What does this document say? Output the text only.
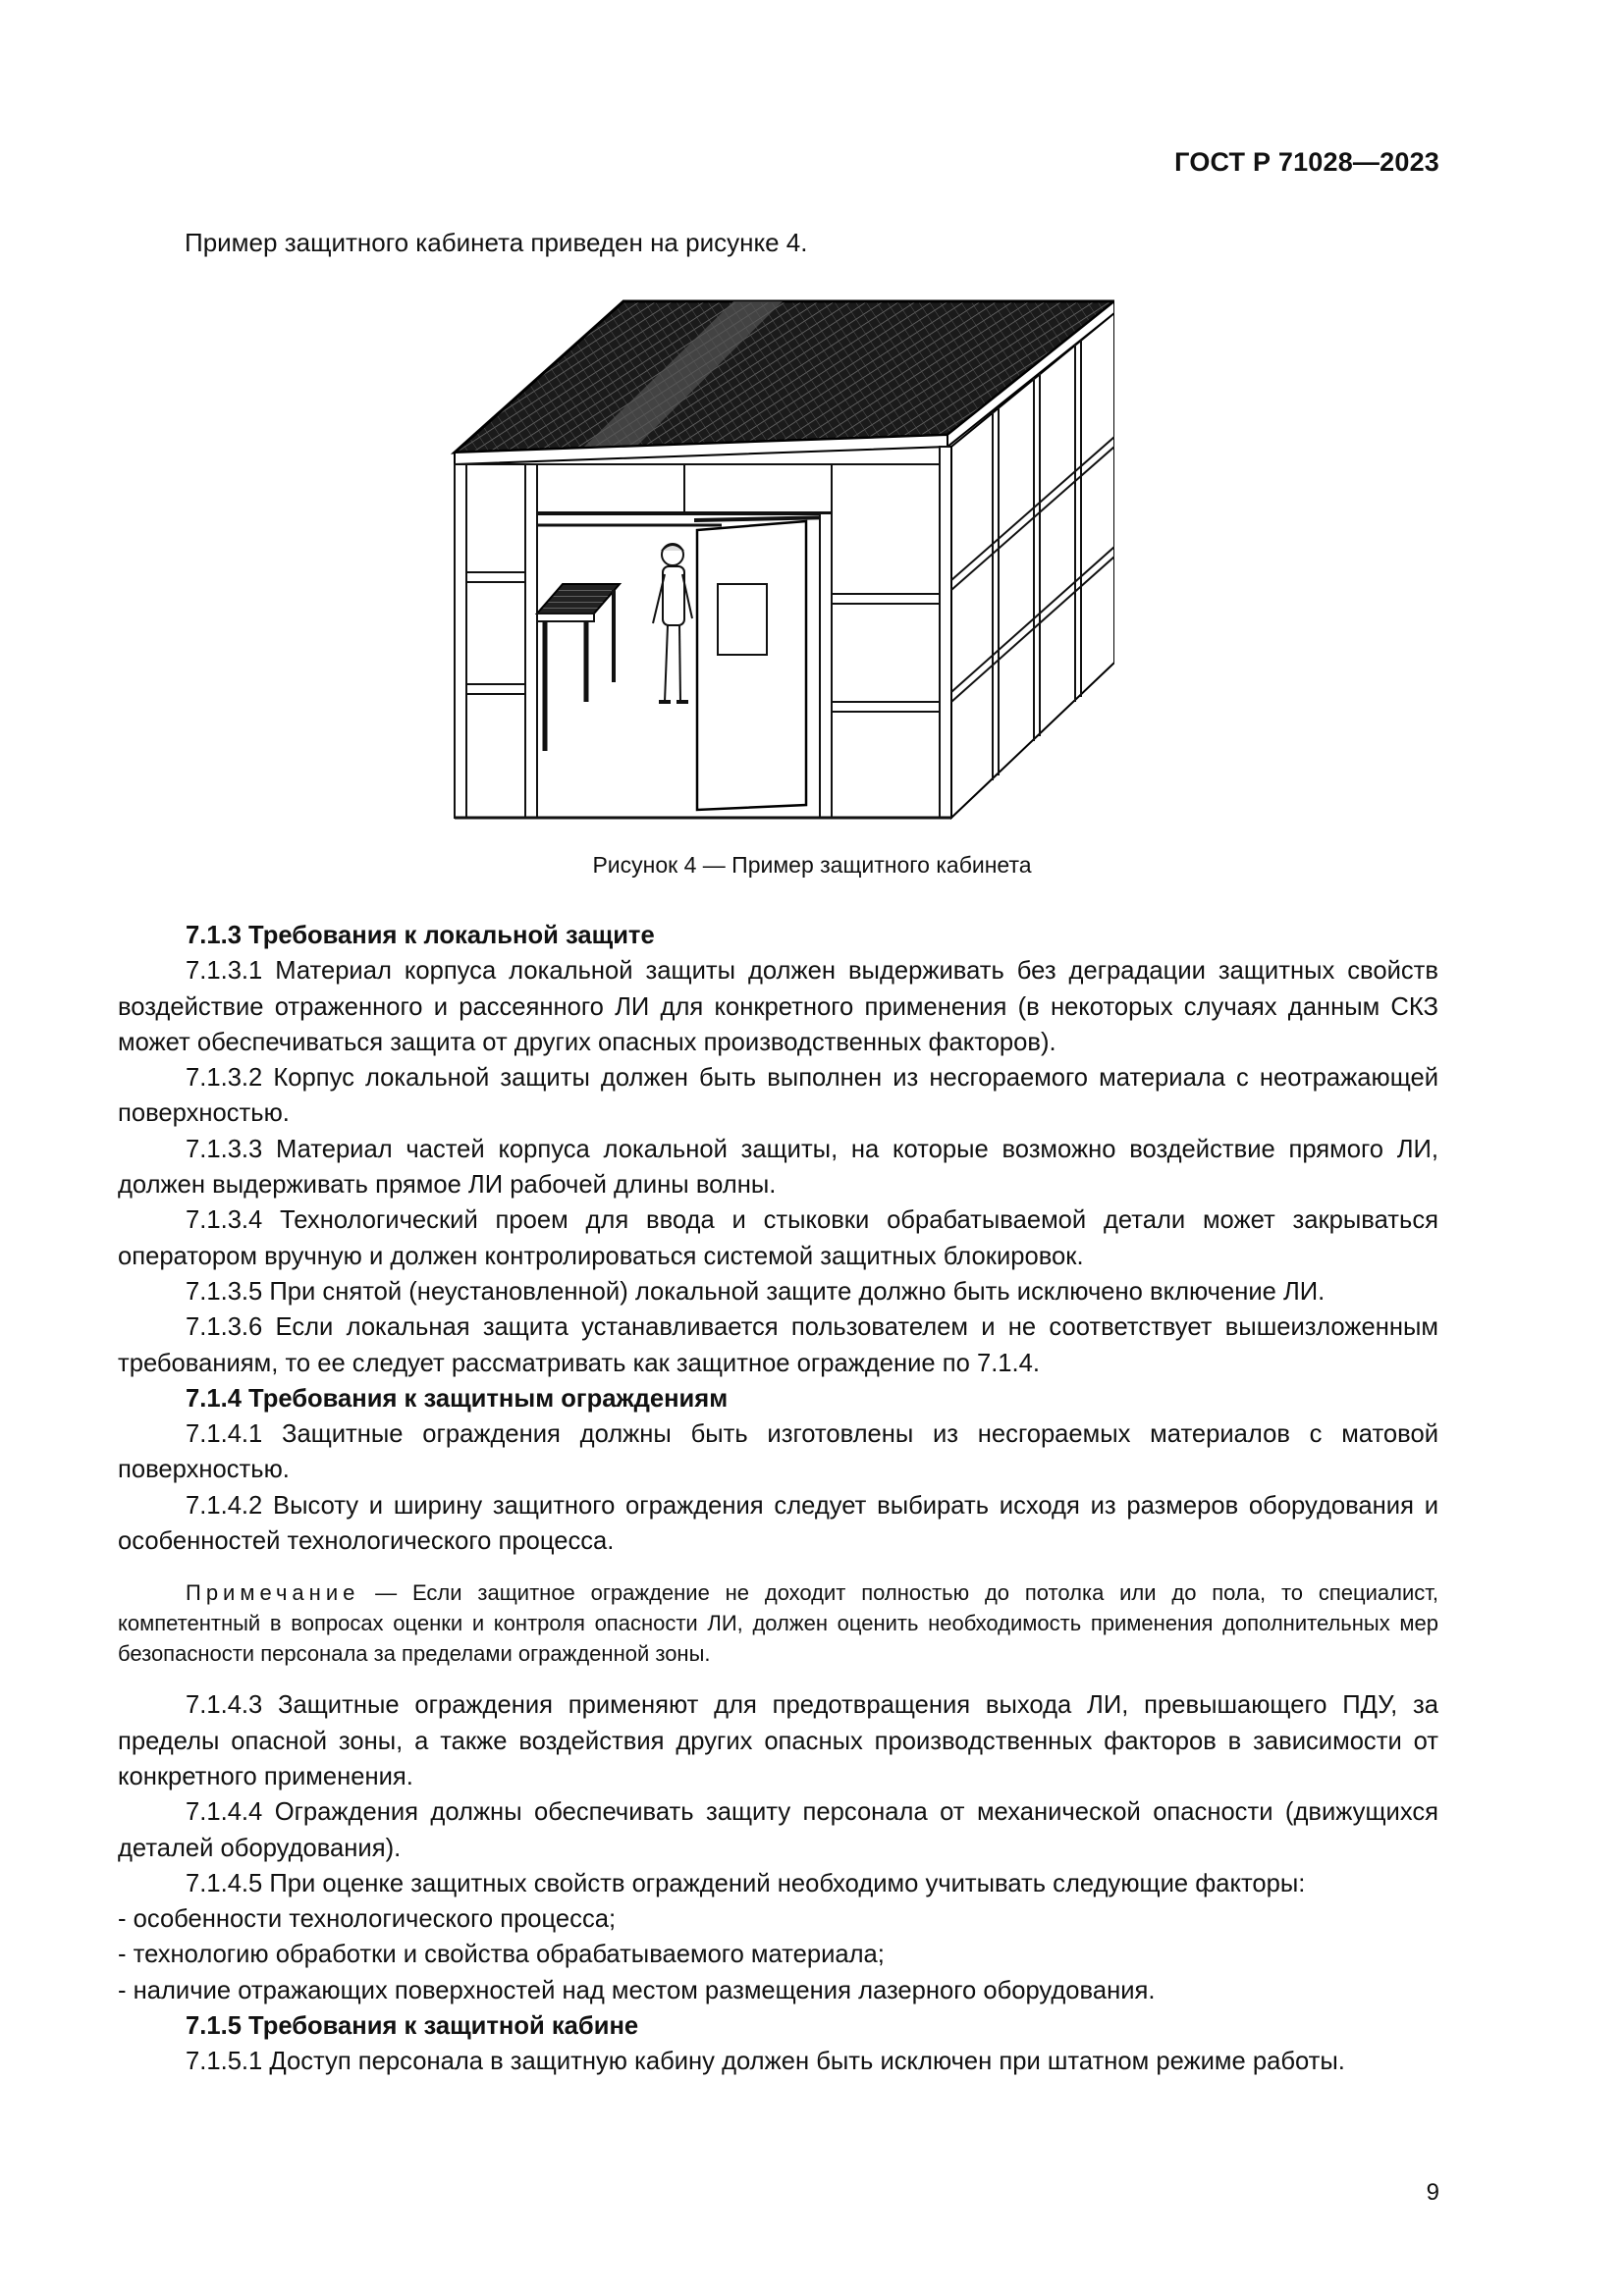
ГОСТ Р 71028—2023
Пример защитного кабинета приведен на рисунке 4.
Рисунок 4 — Пример защитного кабинета

7.1.3 Требования к локальной защите

7.1.3.1 Материал корпуса локальной защиты должен выдерживать без деградации защитных свойств воздействие отраженного и рассеянного ЛИ для конкретного применения (в некоторых случаях данным СКЗ может обеспечиваться защита от других опасных производственных факторов).

7.1.3.2 Корпус локальной защиты должен быть выполнен из несгораемого материала с неотражающей поверхностью.

7.1.3.3 Материал частей корпуса локальной защиты, на которые возможно воздействие прямого ЛИ, должен выдерживать прямое ЛИ рабочей длины волны.

7.1.3.4 Технологический проем для ввода и стыковки обрабатываемой детали может закрываться оператором вручную и должен контролироваться системой защитных блокировок.

7.1.3.5 При снятой (неустановленной) локальной защите должно быть исключено включение ЛИ.

7.1.3.6 Если локальная защита устанавливается пользователем и не соответствует вышеизложенным требованиям, то ее следует рассматривать как защитное ограждение по 7.1.4.

7.1.4 Требования к защитным ограждениям

7.1.4.1 Защитные ограждения должны быть изготовлены из несгораемых материалов с матовой поверхностью.

7.1.4.2 Высоту и ширину защитного ограждения следует выбирать исходя из размеров оборудования и особенностей технологического процесса.

Примечание — Если защитное ограждение не доходит полностью до потолка или до пола, то специалист, компетентный в вопросах оценки и контроля опасности ЛИ, должен оценить необходимость применения дополнительных мер безопасности персонала за пределами огражденной зоны.

7.1.4.3 Защитные ограждения применяют для предотвращения выхода ЛИ, превышающего ПДУ, за пределы опасной зоны, а также воздействия других опасных производственных факторов в зависимости от конкретного применения.

7.1.4.4 Ограждения должны обеспечивать защиту персонала от механической опасности (движущихся деталей оборудования).

7.1.4.5 При оценке защитных свойств ограждений необходимо учитывать следующие факторы:

- особенности технологического процесса;

- технологию обработки и свойства обрабатываемого материала;

- наличие отражающих поверхностей над местом размещения лазерного оборудования.

7.1.5 Требования к защитной кабине

7.1.5.1 Доступ персонала в защитную кабину должен быть исключен при штатном режиме работы.

9
